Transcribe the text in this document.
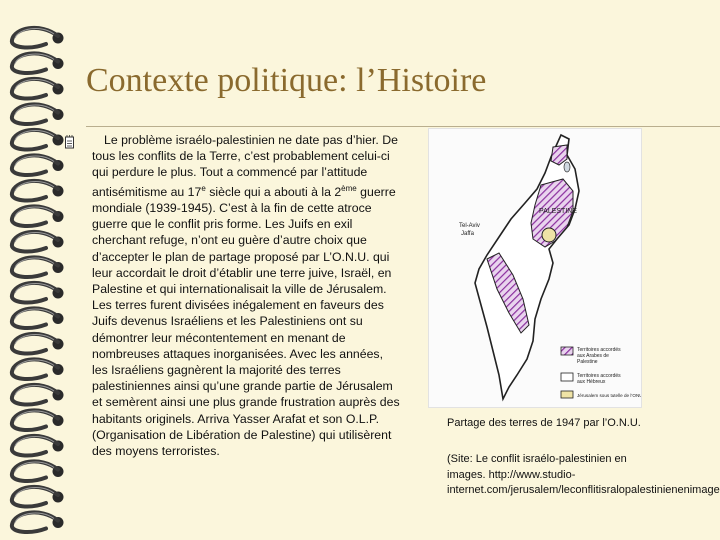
Contexte politique: l’Histoire

Le problème israélo-palestinien ne date pas d’hier. De tous les conflits de la Terre, c’est probablement celui-ci qui perdure le plus. Tout a commencé par l’attitude antisémitisme au 17e siècle qui a abouti à la 2ème guerre mondiale (1939-1945). C’est à la fin de cette atroce guerre que le conflit pris forme. Les Juifs en exil cherchant refuge, n’ont eu guère d’autre choix que d’accepter le plan de partage proposé par L’O.N.U. qui leur accordait le droit d’établir une terre juive, Israël, en Palestine et qui internationalisait la ville de Jérusalem. Les terres furent divisées inégalement en faveurs des Juifs devenus Israéliens et les Palestiniens ont su démontrer leur mécontentement en menant de nombreuses attaques inorganisées. Avec les années, les Israéliens gagnèrent la majorité des terres palestiniennes ainsi qu’une grande partie de Jérusalem et semèrent ainsi une plus grande frustration auprès des habitants originels. Arriva Yasser Arafat et son O.L.P. (Organisation de Libération de Palestine) qui utilisèrent des moyens terroristes.

PALESTINE
Tel-Aviv
Jaffa
Territoires accordés
aux Arabes de
Palestine
Territoires accordés
aux Hébreux
Jérusalem sous tutelle de l’ONU

Partage des terres de 1947 par l’O.N.U.

(Site: Le conflit israélo-palestinien en images. http://www.studio-internet.com/jerusalem/leconflitisralopalestinienenimage
